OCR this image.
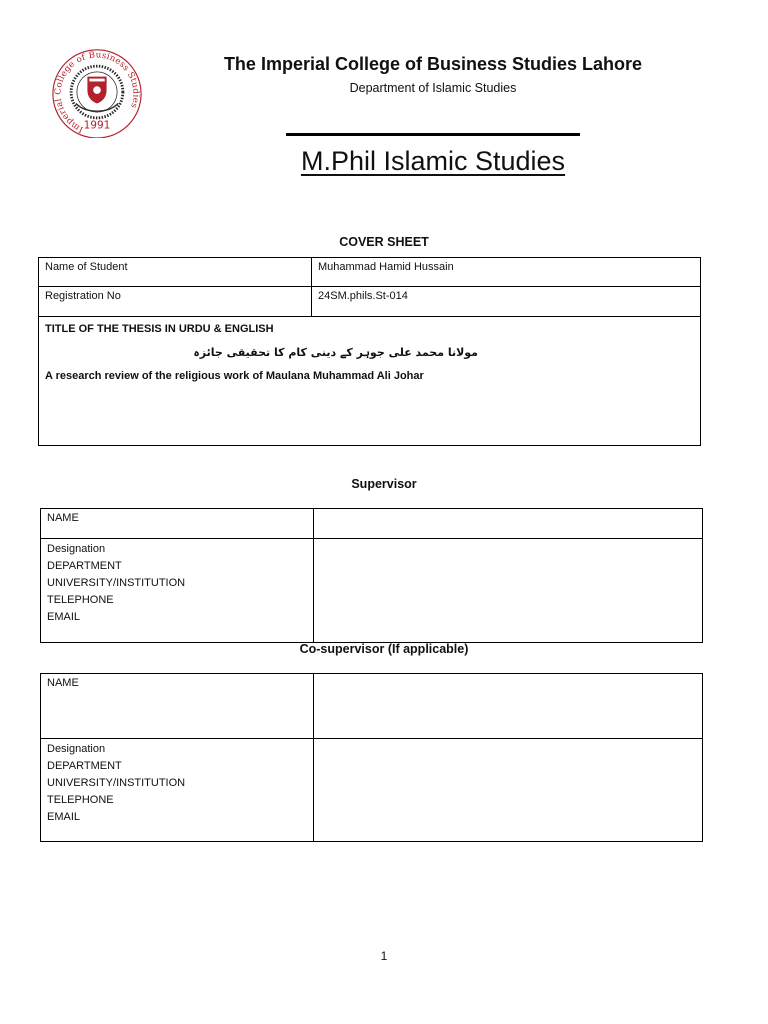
Imperial College of Business Studies
1991
The Imperial College of Business Studies Lahore
Department of Islamic Studies
M.Phil Islamic Studies
COVER SHEET
Name of Student	Muhammad Hamid Hussain
Registration No	24SM.phils.St-014

TITLE OF THE THESIS IN URDU & ENGLISH
مولانا محمد علی جوہر کے دینی کام کا تحقیقی جائزہ
A research review of the religious work of Maulana Muhammad Ali Johar	
Supervisor
NAME	

Designation
DEPARTMENT
UNIVERSITY/INSTITUTION
TELEPHONE
EMAIL	

Co-supervisor (If applicable)
NAME	

Designation
DEPARTMENT
UNIVERSITY/INSTITUTION
TELEPHONE
EMAIL	

1
